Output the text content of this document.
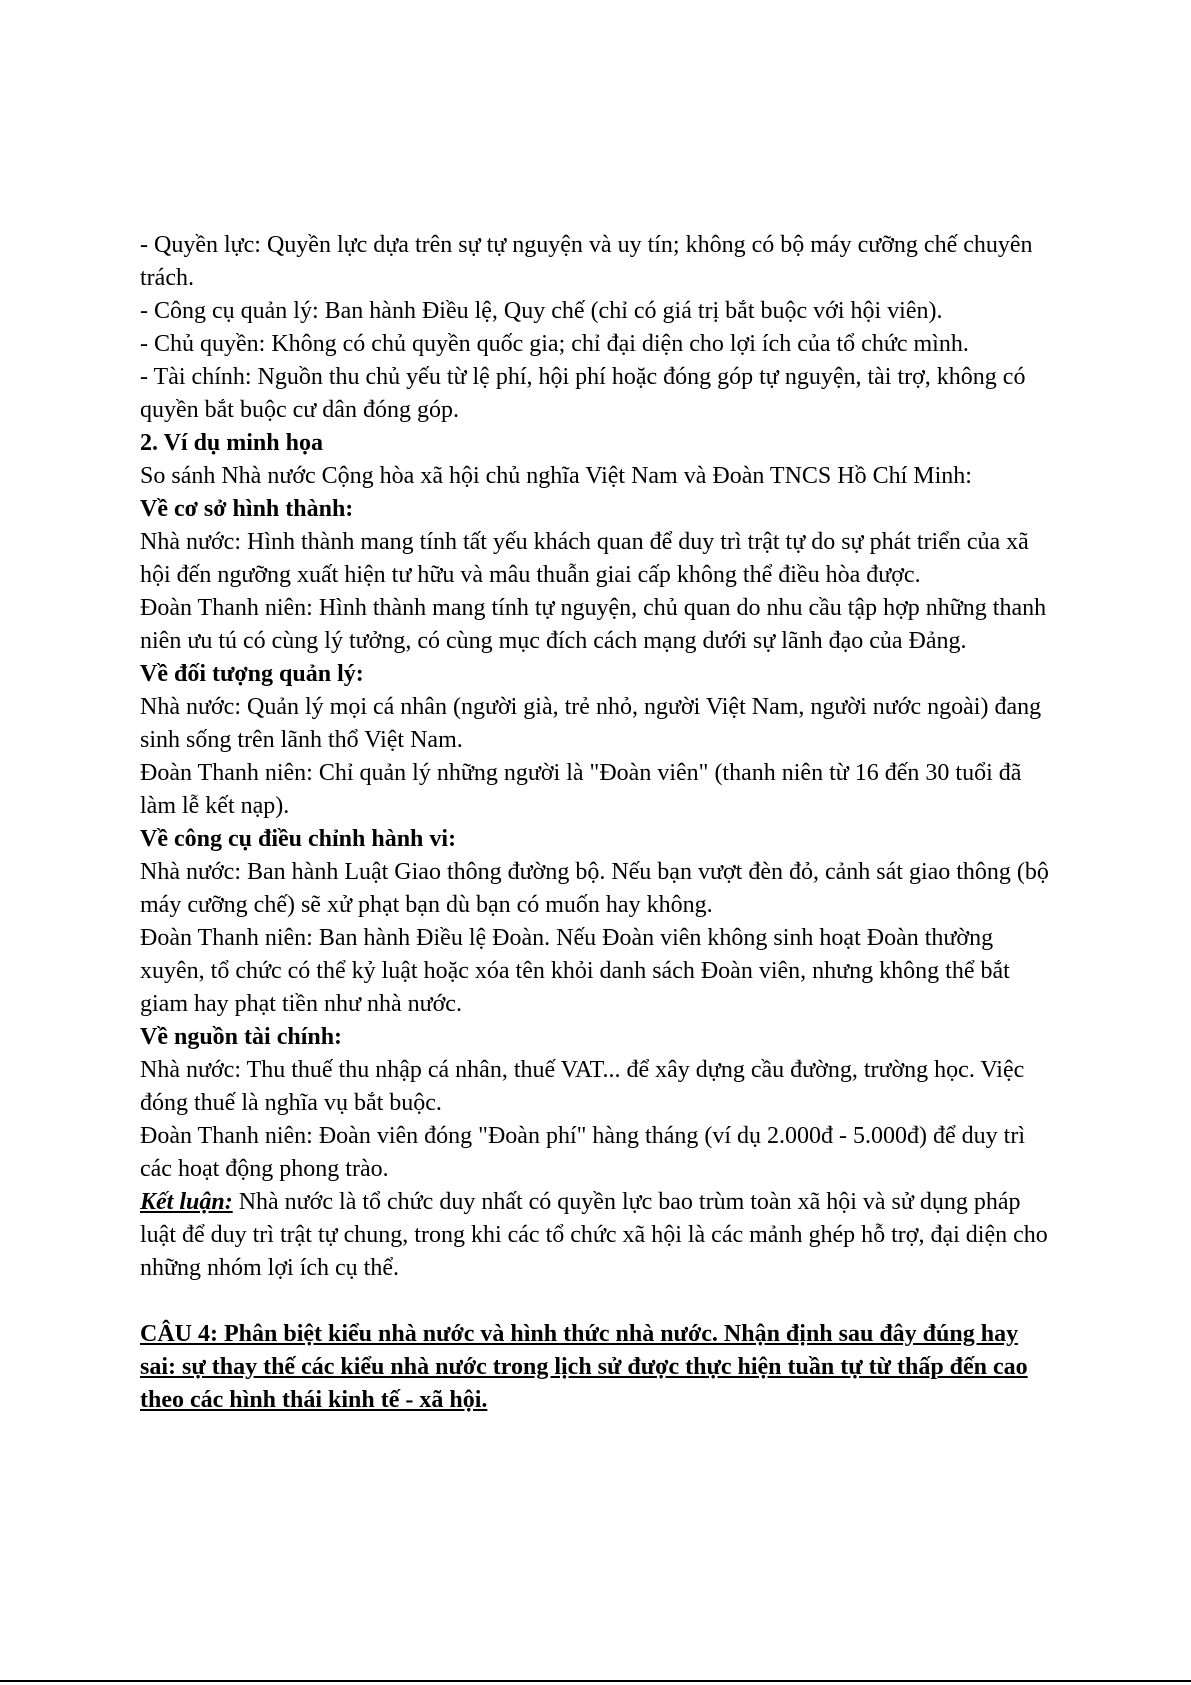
- Quyền lực: Quyền lực dựa trên sự tự nguyện và uy tín; không có bộ máy cưỡng chế chuyên trách.

- Công cụ quản lý: Ban hành Điều lệ, Quy chế (chỉ có giá trị bắt buộc với hội viên).

- Chủ quyền: Không có chủ quyền quốc gia; chỉ đại diện cho lợi ích của tổ chức mình.

- Tài chính: Nguồn thu chủ yếu từ lệ phí, hội phí hoặc đóng góp tự nguyện, tài trợ, không có quyền bắt buộc cư dân đóng góp.

2. Ví dụ minh họa

So sánh Nhà nước Cộng hòa xã hội chủ nghĩa Việt Nam và Đoàn TNCS Hồ Chí Minh:

Về cơ sở hình thành:

Nhà nước: Hình thành mang tính tất yếu khách quan để duy trì trật tự do sự phát triển của xã hội đến ngưỡng xuất hiện tư hữu và mâu thuẫn giai cấp không thể điều hòa được.

Đoàn Thanh niên: Hình thành mang tính tự nguyện, chủ quan do nhu cầu tập hợp những thanh niên ưu tú có cùng lý tưởng, có cùng mục đích cách mạng dưới sự lãnh đạo của Đảng.

Về đối tượng quản lý:

Nhà nước: Quản lý mọi cá nhân (người già, trẻ nhỏ, người Việt Nam, người nước ngoài) đang sinh sống trên lãnh thổ Việt Nam.

Đoàn Thanh niên: Chỉ quản lý những người là "Đoàn viên" (thanh niên từ 16 đến 30 tuổi đã làm lễ kết nạp).

Về công cụ điều chỉnh hành vi:

Nhà nước: Ban hành Luật Giao thông đường bộ. Nếu bạn vượt đèn đỏ, cảnh sát giao thông (bộ máy cưỡng chế) sẽ xử phạt bạn dù bạn có muốn hay không.

Đoàn Thanh niên: Ban hành Điều lệ Đoàn. Nếu Đoàn viên không sinh hoạt Đoàn thường xuyên, tổ chức có thể kỷ luật hoặc xóa tên khỏi danh sách Đoàn viên, nhưng không thể bắt giam hay phạt tiền như nhà nước.

Về nguồn tài chính:

Nhà nước: Thu thuế thu nhập cá nhân, thuế VAT... để xây dựng cầu đường, trường học. Việc đóng thuế là nghĩa vụ bắt buộc.

Đoàn Thanh niên: Đoàn viên đóng "Đoàn phí" hàng tháng (ví dụ 2.000đ - 5.000đ) để duy trì các hoạt động phong trào.

Kết luận: Nhà nước là tổ chức duy nhất có quyền lực bao trùm toàn xã hội và sử dụng pháp luật để duy trì trật tự chung, trong khi các tổ chức xã hội là các mảnh ghép hỗ trợ, đại diện cho những nhóm lợi ích cụ thể.

CÂU 4: Phân biệt kiểu nhà nước và hình thức nhà nước. Nhận định sau đây đúng hay sai: sự thay thế các kiểu nhà nước trong lịch sử được thực hiện tuần tự từ thấp đến cao theo các hình thái kinh tế - xã hội.
